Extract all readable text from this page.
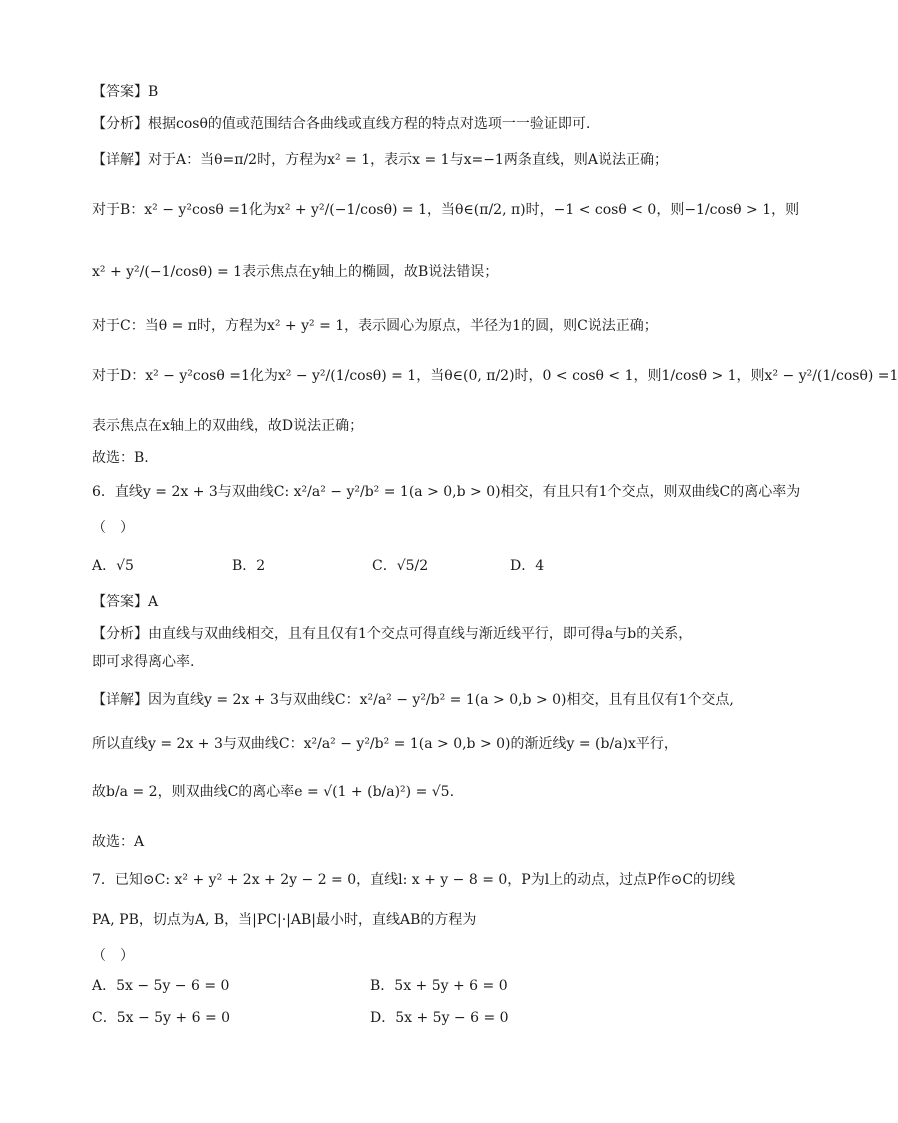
【答案】B
【分析】根据cosθ的值或范围结合各曲线或直线方程的特点对选项一一验证即可.
【详解】对于A：当θ=π/2时，方程为x² = 1，表示x = 1与x=−1两条直线，则A说法正确；
对于B：x² − y²cosθ =1化为x² + y²/(−1/cosθ) = 1，当θ∈(π/2, π)时，−1 < cosθ < 0，则−1/cosθ > 1，则
x² + y²/(−1/cosθ) = 1表示焦点在y轴上的椭圆，故B说法错误；
对于C：当θ = π时，方程为x² + y² = 1，表示圆心为原点，半径为1的圆，则C说法正确；
对于D：x² − y²cosθ =1化为x² − y²/(1/cosθ) = 1，当θ∈(0, π/2)时，0 < cosθ < 1，则1/cosθ > 1，则x² − y²/(1/cosθ) =1
表示焦点在x轴上的双曲线，故D说法正确；
故选：B.
6．直线y = 2x + 3与双曲线C: x²/a² − y²/b² = 1(a > 0,b > 0)相交，有且只有1个交点，则双曲线C的离心率为
（　）
A．√5	B．2	C．√5/2	D．4
【答案】A
【分析】由直线与双曲线相交，且有且仅有1个交点可得直线与渐近线平行，即可得a与b的关系，
即可求得离心率.
【详解】因为直线y = 2x + 3与双曲线C：x²/a² − y²/b² = 1(a > 0,b > 0)相交，且有且仅有1个交点,
所以直线y = 2x + 3与双曲线C：x²/a² − y²/b² = 1(a > 0,b > 0)的渐近线y = (b/a)x平行，
故b/a = 2，则双曲线C的离心率e = √(1 + (b/a)²) = √5.
故选：A
7．已知⊙C: x² + y² + 2x + 2y − 2 = 0，直线l: x + y − 8 = 0，P为l上的动点，过点P作⊙C的切线
PA, PB，切点为A, B，当|PC|·|AB|最小时，直线AB的方程为
（　）
A．5x − 5y − 6 = 0	B．5x + 5y + 6 = 0
C．5x − 5y + 6 = 0	D．5x + 5y − 6 = 0
